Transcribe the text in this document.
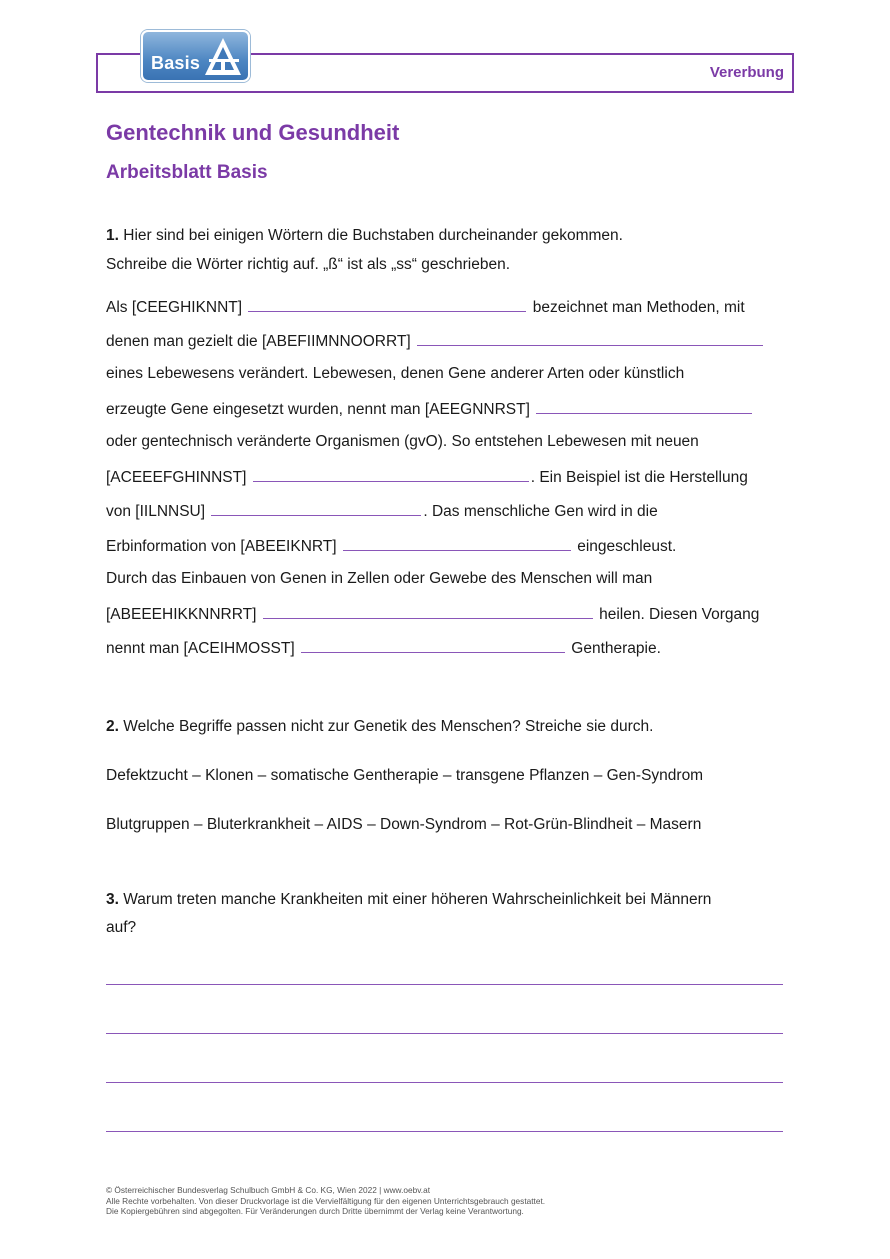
Basis	Vererbung
Gentechnik und Gesundheit
Arbeitsblatt Basis
1. Hier sind bei einigen Wörtern die Buchstaben durcheinander gekommen.
Schreibe die Wörter richtig auf. „ß“ ist als „ss“ geschrieben.
Als [CEEGHIKNNT]	bezeichnet man Methoden, mit
denen man gezielt die [ABEFIIMNNOORRT]
eines Lebewesens verändert. Lebewesen, denen Gene anderer Arten oder künstlich
erzeugte Gene eingesetzt wurden, nennt man [AEEGNNRST]
oder gentechnisch veränderte Organismen (gvO). So entstehen Lebewesen mit neuen
[ACEEEFGHINNST]	. Ein Beispiel ist die Herstellung
von [IILNNSU]	. Das menschliche Gen wird in die
Erbinformation von [ABEEIKNRT]	eingeschleust.
Durch das Einbauen von Genen in Zellen oder Gewebe des Menschen will man
[ABEEEHIKKNNRRT]	heilen. Diesen Vorgang
nennt man [ACEIHMOSST]	Gentherapie.
2. Welche Begriffe passen nicht zur Genetik des Menschen? Streiche sie durch.
Defektzucht – Klonen – somatische Gentherapie – transgene Pflanzen – Gen-Syndrom
Blutgruppen – Bluterkrankheit – AIDS – Down-Syndrom – Rot-Grün-Blindheit – Masern
3. Warum treten manche Krankheiten mit einer höheren Wahrscheinlichkeit bei Männern
auf?
© Österreichischer Bundesverlag Schulbuch GmbH & Co. KG, Wien 2022 | www.oebv.at
Alle Rechte vorbehalten. Von dieser Druckvorlage ist die Vervielfältigung für den eigenen Unterrichtsgebrauch gestattet.
Die Kopiergebühren sind abgegolten. Für Veränderungen durch Dritte übernimmt der Verlag keine Verantwortung.
